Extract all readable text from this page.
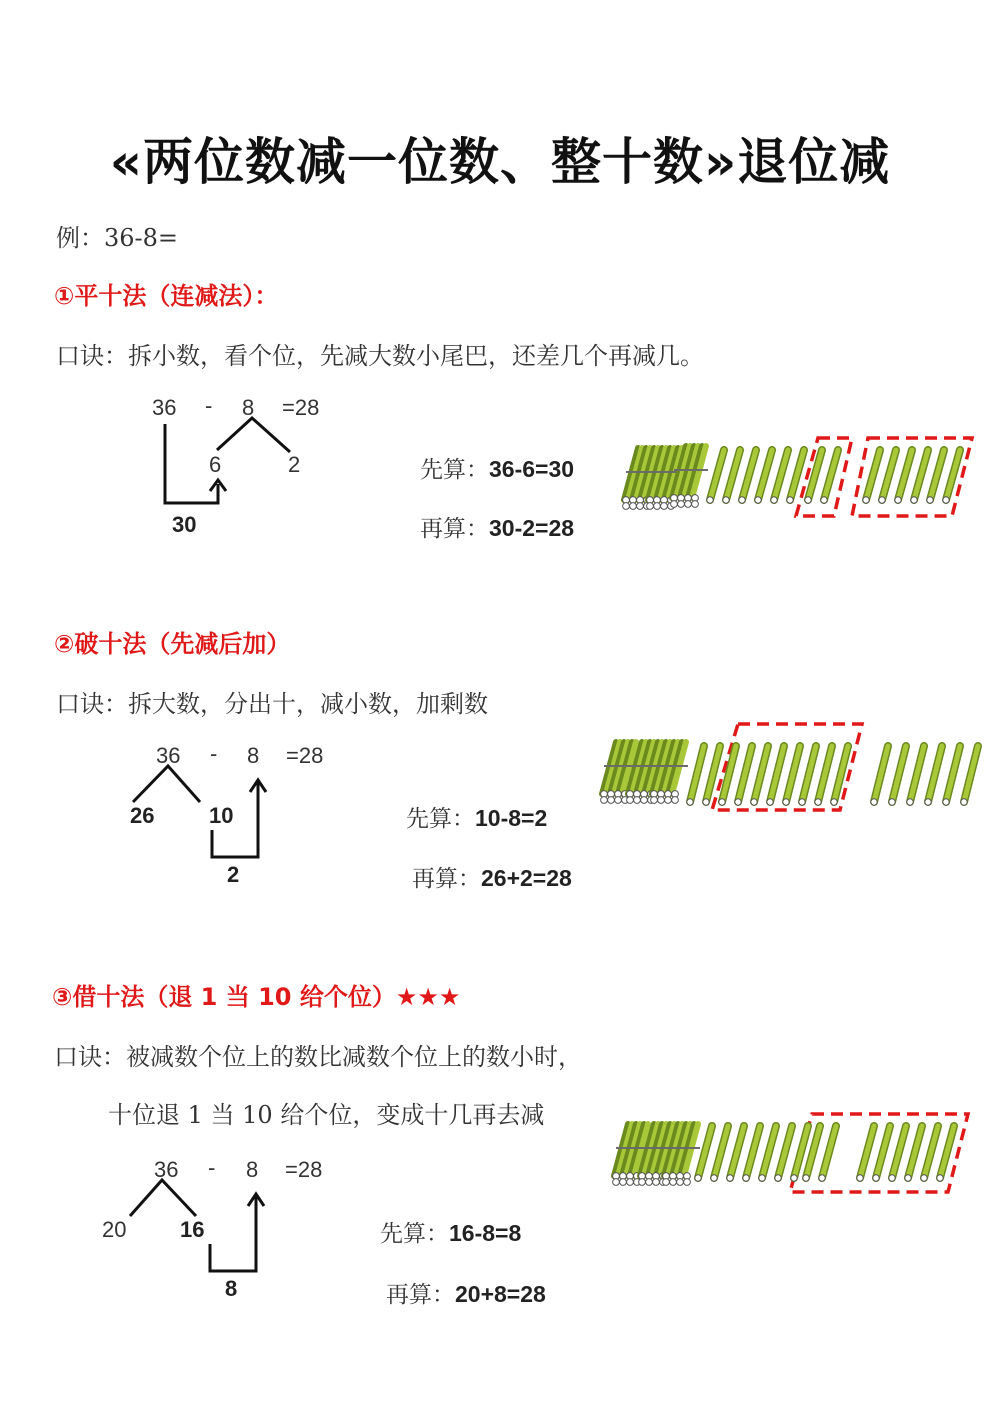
«两位数减一位数、整十数»退位减
例：36-8=
①平十法（连减法）：
口诀：拆小数，看个位，先减大数小尾巴，还差几个再减几。
36 - 8 =28
6	2
30
先算：36-6=30
再算：30-2=28
②破十法（先减后加）
口诀：拆大数，分出十，减小数，加剩数
36 - 8 =28
26 10
2
先算：10-8=2
再算：26+2=28
③借十法（退 1 当 10 给个位）★★★
口诀：被减数个位上的数比减数个位上的数小时，
十位退 1 当 10 给个位，变成十几再去减
36 - 8 =28
20 16
8
先算：16-8=8
再算：20+8=28
